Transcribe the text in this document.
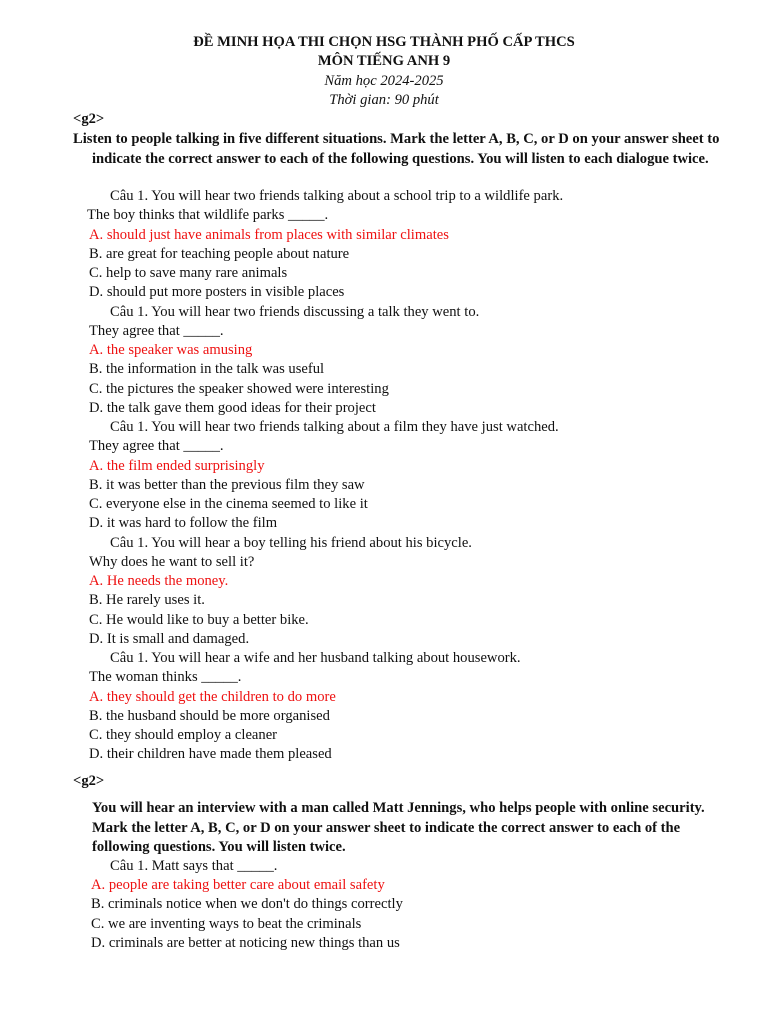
ĐỀ MINH HỌA THI CHỌN HSG THÀNH PHỐ CẤP THCS
MÔN TIẾNG ANH 9
Năm học 2024-2025
Thời gian: 90 phút
<g2>
Listen to people talking in five different situations. Mark the letter A, B, C, or D on your answer sheet to indicate the correct answer to each of the following questions. You will listen to each dialogue twice.
Câu 1. You will hear two friends talking about a school trip to a wildlife park.
The boy thinks that wildlife parks _____.
A. should just have animals from places with similar climates
B. are great for teaching people about nature
C. help to save many rare animals
D. should put more posters in visible places
Câu 1. You will hear two friends discussing a talk they went to.
They agree that _____.
A. the speaker was amusing
B. the information in the talk was useful
C. the pictures the speaker showed were interesting
D. the talk gave them good ideas for their project
Câu 1. You will hear two friends talking about a film they have just watched.
They agree that _____.
A. the film ended surprisingly
B. it was better than the previous film they saw
C. everyone else in the cinema seemed to like it
D. it was hard to follow the film
Câu 1. You will hear a boy telling his friend about his bicycle.
Why does he want to sell it?
A. He needs the money.
B. He rarely uses it.
C. He would like to buy a better bike.
D. It is small and damaged.
Câu 1. You will hear a wife and her husband talking about housework.
The woman thinks _____.
A. they should get the children to do more
B. the husband should be more organised
C. they should employ a cleaner
D. their children have made them pleased
<g2>
You will hear an interview with a man called Matt Jennings, who helps people with online security. Mark the letter A, B, C, or D on your answer sheet to indicate the correct answer to each of the following questions. You will listen twice.
Câu 1. Matt says that _____.
A. people are taking better care about email safety
B. criminals notice when we don't do things correctly
C. we are inventing ways to beat the criminals
D. criminals are better at noticing new things than us
